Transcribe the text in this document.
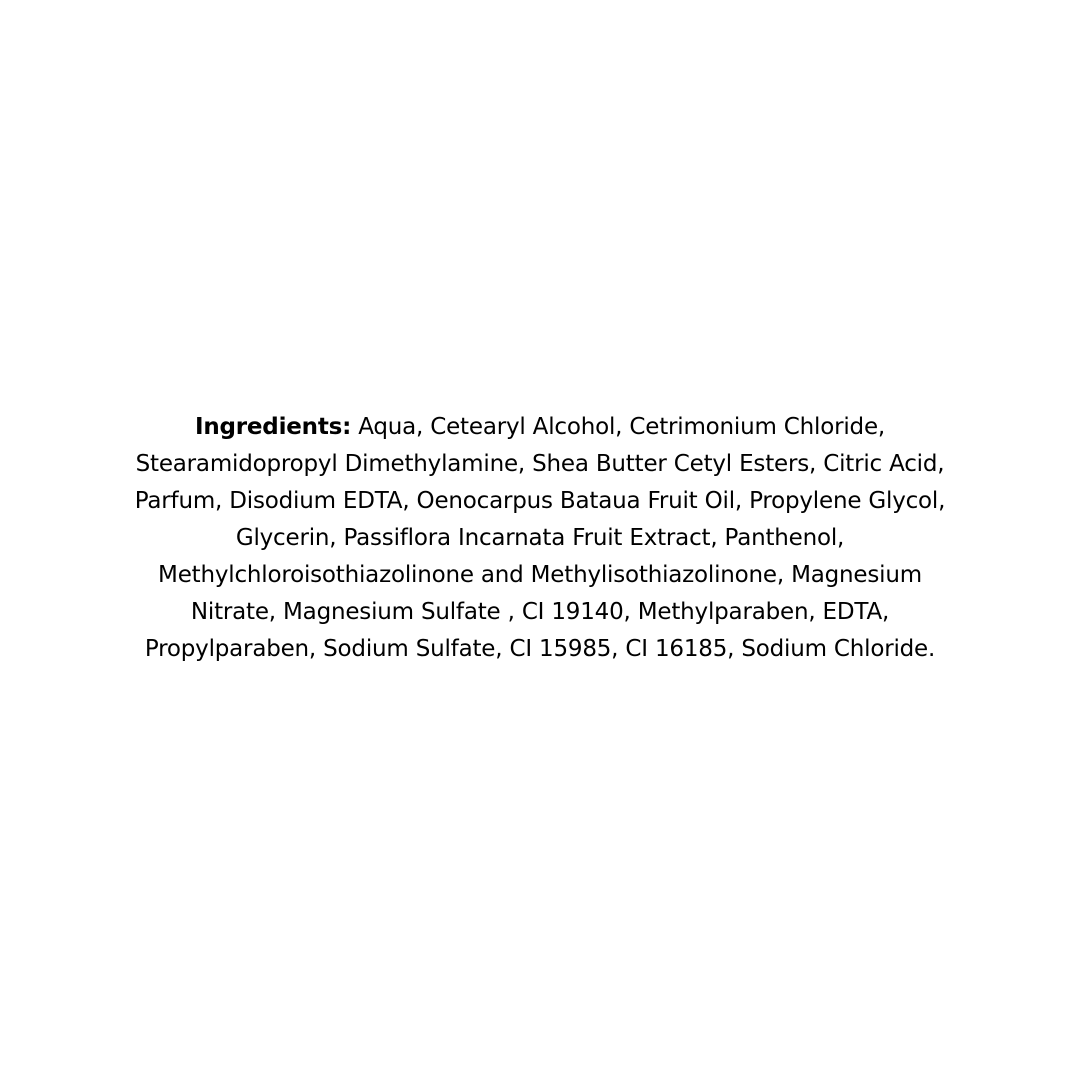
Ingredients: Aqua, Cetearyl Alcohol, Cetrimonium Chloride,
Stearamidopropyl Dimethylamine, Shea Butter Cetyl Esters, Citric Acid,
Parfum, Disodium EDTA, Oenocarpus Bataua Fruit Oil, Propylene Glycol,
Glycerin, Passiflora Incarnata Fruit Extract, Panthenol,
Methylchloroisothiazolinone and Methylisothiazolinone, Magnesium
Nitrate, Magnesium Sulfate , CI 19140, Methylparaben, EDTA,
Propylparaben, Sodium Sulfate, CI 15985, CI 16185, Sodium Chloride.
